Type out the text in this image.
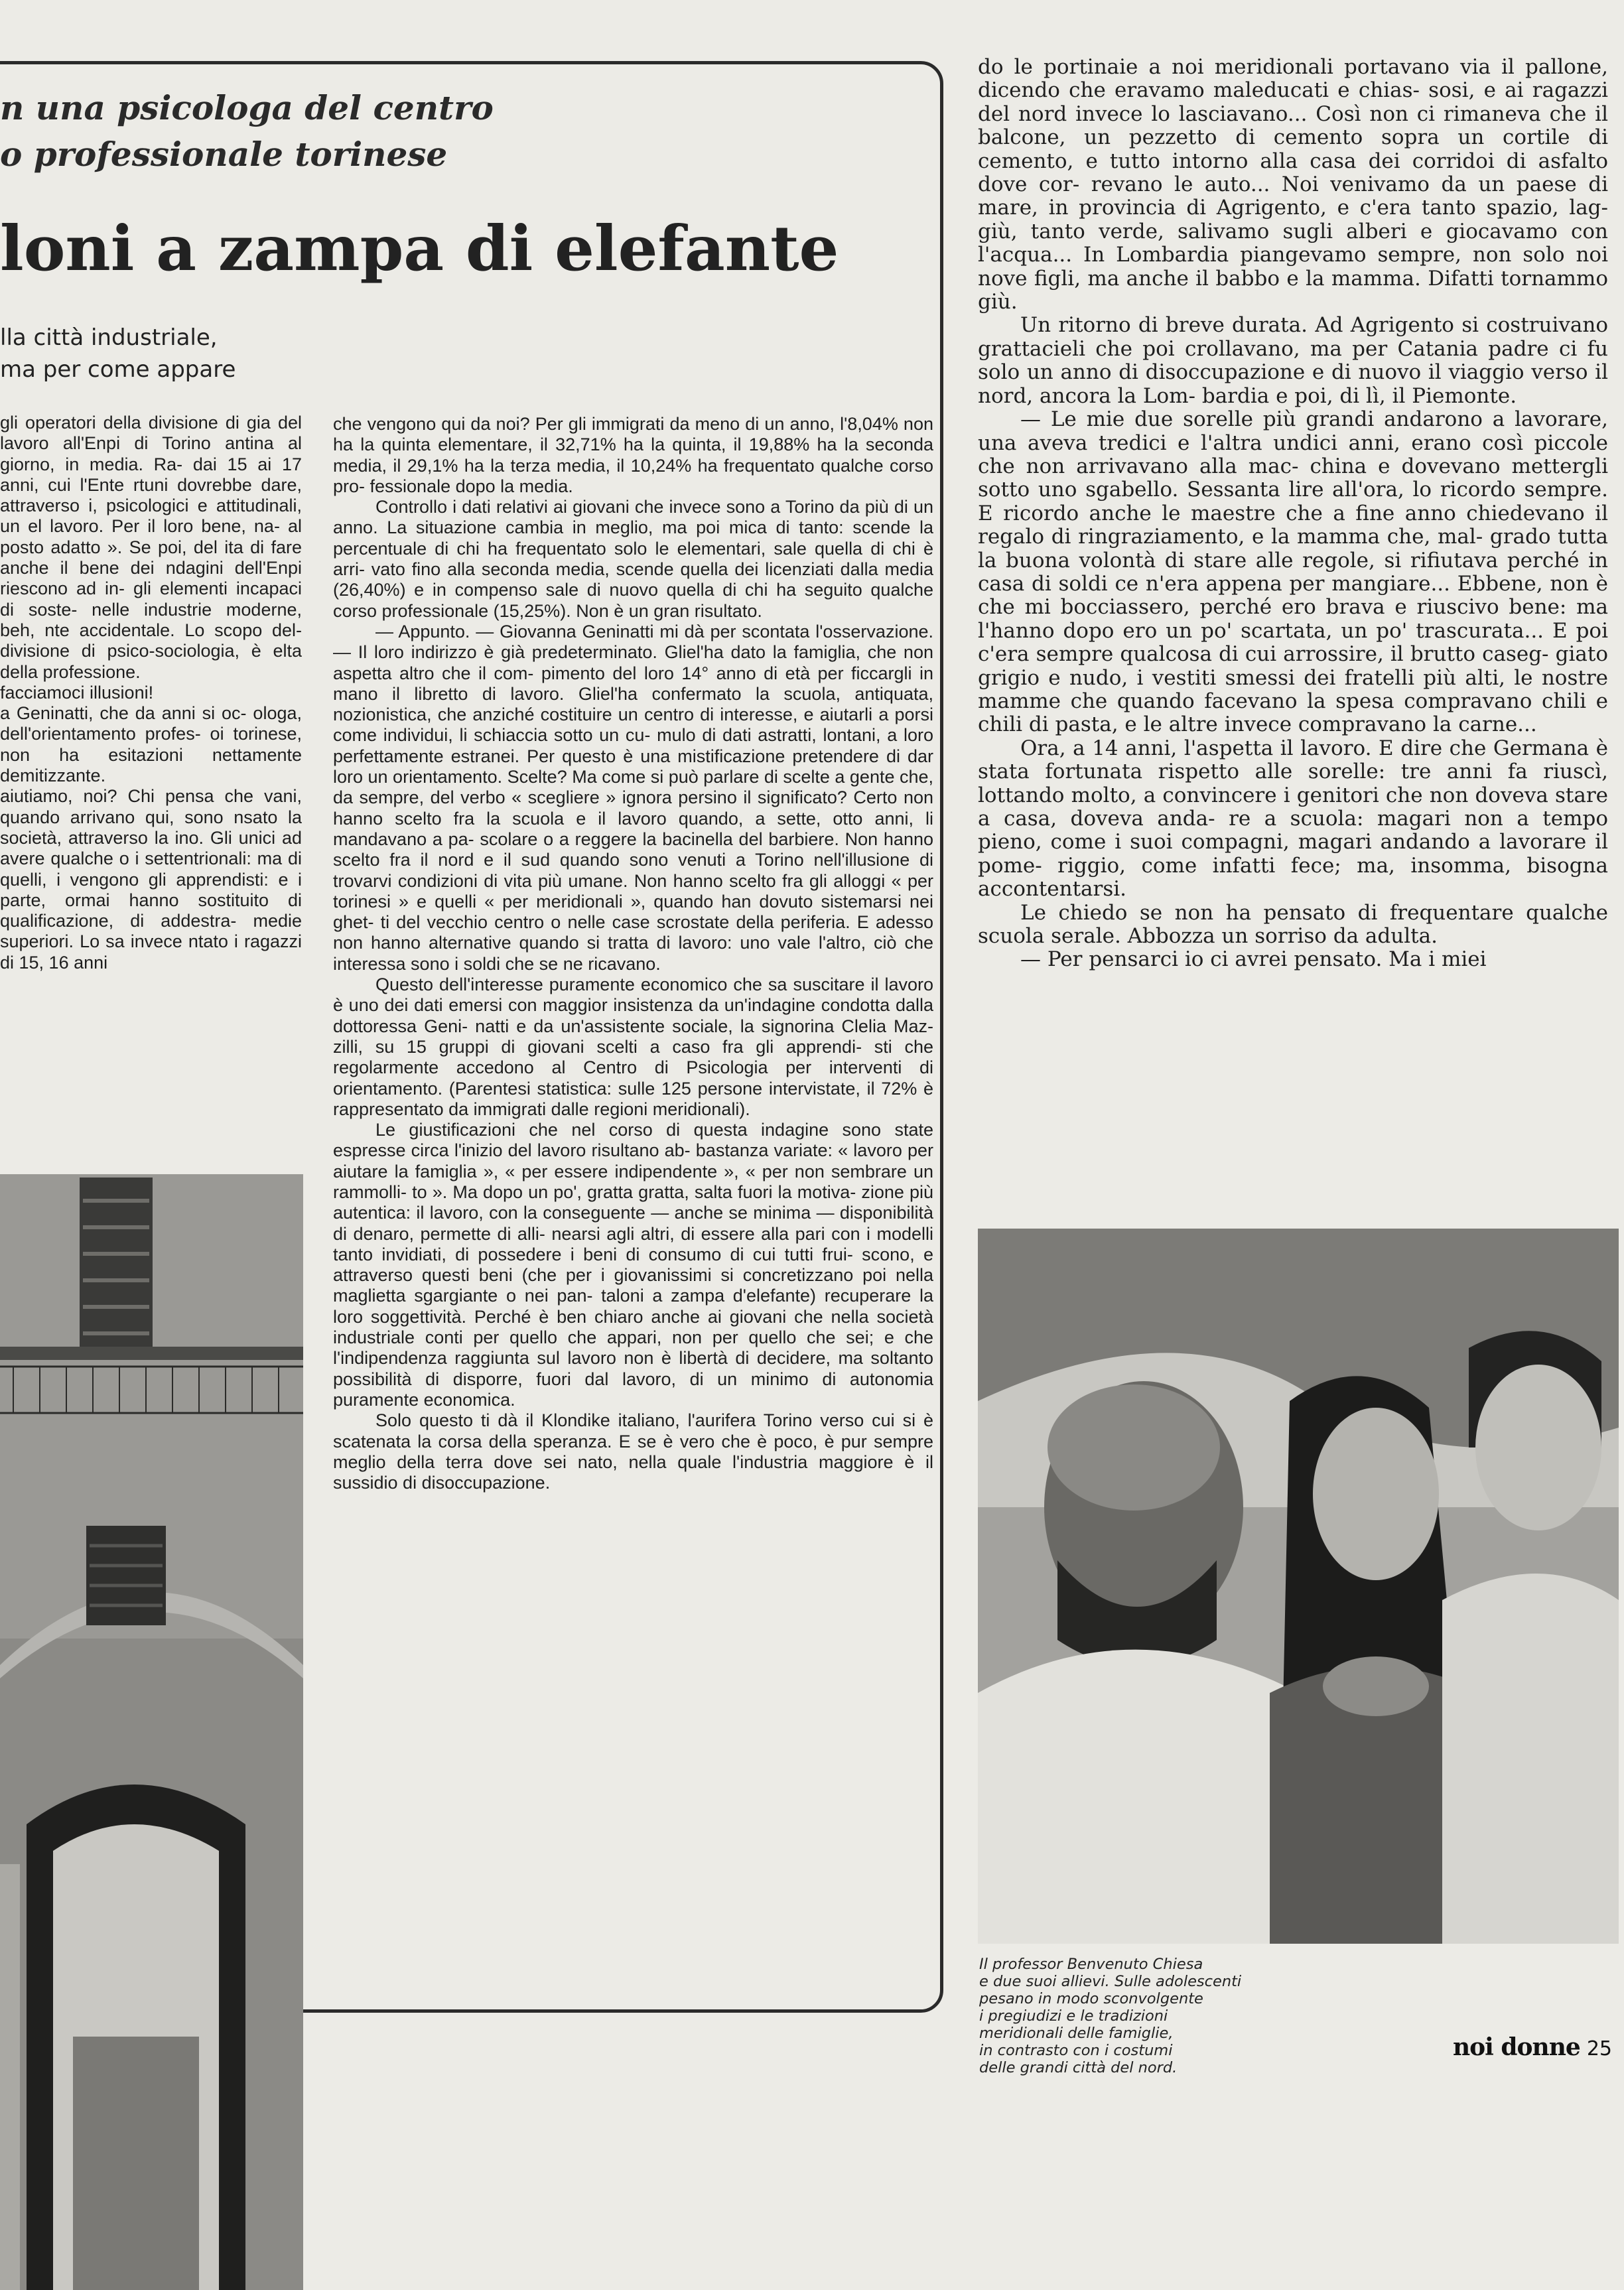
n una psicologa del centro
o professionale torinese
loni a zampa di elefante
lla città industriale,
ma per come appare

gli operatori della divisione di gia del lavoro all'Enpi di Torino antina al giorno, in media. Ra- dai 15 ai 17 anni, cui l'Ente rtuni dovrebbe dare, attraverso i, psicologici e attitudinali, un el lavoro. Per il loro bene, na- al posto adatto ». Se poi, del ita di fare anche il bene dei ndagini dell'Enpi riescono ad in- gli elementi incapaci di soste- nelle industrie moderne, beh, nte accidentale. Lo scopo del- divisione di psico-sociologia, è elta della professione.

facciamoci illusioni!

a Geninatti, che da anni si oc- ologa, dell'orientamento profes- oi torinese, non ha esitazioni nettamente demitizzante.

aiutiamo, noi? Chi pensa che vani, quando arrivano qui, sono nsato la società, attraverso la ino. Gli unici ad avere qualche o i settentrionali: ma di quelli, i vengono gli apprendisti: e i parte, ormai hanno sostituito di qualificazione, di addestra- medie superiori. Lo sa invece ntato i ragazzi di 15, 16 anni

che vengono qui da noi? Per gli immigrati da meno di un anno, l'8,04% non ha la quinta elementare, il 32,71% ha la quinta, il 19,88% ha la seconda media, il 29,1% ha la terza media, il 10,24% ha frequentato qualche corso pro- fessionale dopo la media.

Controllo i dati relativi ai giovani che invece sono a Torino da più di un anno. La situazione cambia in meglio, ma poi mica di tanto: scende la percentuale di chi ha frequentato solo le elementari, sale quella di chi è arri- vato fino alla seconda media, scende quella dei licenziati dalla media (26,40%) e in compenso sale di nuovo quella di chi ha seguito qualche corso professionale (15,25%). Non è un gran risultato.

— Appunto. — Giovanna Geninatti mi dà per scontata l'osservazione. — Il loro indirizzo è già predeterminato. Gliel'ha dato la famiglia, che non aspetta altro che il com- pimento del loro 14° anno di età per ficcargli in mano il libretto di lavoro. Gliel'ha confermato la scuola, antiquata, nozionistica, che anziché costituire un centro di interesse, e aiutarli a porsi come individui, li schiaccia sotto un cu- mulo di dati astratti, lontani, a loro perfettamente estranei. Per questo è una mistificazione pretendere di dar loro un orientamento. Scelte? Ma come si può parlare di scelte a gente che, da sempre, del verbo « scegliere » ignora persino il significato? Certo non hanno scelto fra la scuola e il lavoro quando, a sette, otto anni, li mandavano a pa- scolare o a reggere la bacinella del barbiere. Non hanno scelto fra il nord e il sud quando sono venuti a Torino nell'illusione di trovarvi condizioni di vita più umane. Non hanno scelto fra gli alloggi « per torinesi » e quelli « per meridionali », quando han dovuto sistemarsi nei ghet- ti del vecchio centro o nelle case scrostate della periferia. E adesso non hanno alternative quando si tratta di lavoro: uno vale l'altro, ciò che interessa sono i soldi che se ne ricavano.

Questo dell'interesse puramente economico che sa suscitare il lavoro è uno dei dati emersi con maggior insistenza da un'indagine condotta dalla dottoressa Geni- natti e da un'assistente sociale, la signorina Clelia Maz- zilli, su 15 gruppi di giovani scelti a caso fra gli apprendi- sti che regolarmente accedono al Centro di Psicologia per interventi di orientamento. (Parentesi statistica: sulle 125 persone intervistate, il 72% è rappresentato da immigrati dalle regioni meridionali).

Le giustificazioni che nel corso di questa indagine sono state espresse circa l'inizio del lavoro risultano ab- bastanza variate: « lavoro per aiutare la famiglia », « per essere indipendente », « per non sembrare un rammolli- to ». Ma dopo un po', gratta gratta, salta fuori la motiva- zione più autentica: il lavoro, con la conseguente — anche se minima — disponibilità di denaro, permette di alli- nearsi agli altri, di essere alla pari con i modelli tanto invidiati, di possedere i beni di consumo di cui tutti frui- scono, e attraverso questi beni (che per i giovanissimi si concretizzano poi nella maglietta sgargiante o nei pan- taloni a zampa d'elefante) recuperare la loro soggettività. Perché è ben chiaro anche ai giovani che nella società industriale conti per quello che appari, non per quello che sei; e che l'indipendenza raggiunta sul lavoro non è libertà di decidere, ma soltanto possibilità di disporre, fuori dal lavoro, di un minimo di autonomia puramente economica.

Solo questo ti dà il Klondike italiano, l'aurifera Torino verso cui si è scatenata la corsa della speranza. E se è vero che è poco, è pur sempre meglio della terra dove sei nato, nella quale l'industria maggiore è il sussidio di disoccupazione.

do le portinaie a noi meridionali portavano via il pallone, dicendo che eravamo maleducati e chias- sosi, e ai ragazzi del nord invece lo lasciavano... Così non ci rimaneva che il balcone, un pezzetto di cemento sopra un cortile di cemento, e tutto intorno alla casa dei corridoi di asfalto dove cor- revano le auto... Noi venivamo da un paese di mare, in provincia di Agrigento, e c'era tanto spazio, lag- giù, tanto verde, salivamo sugli alberi e giocavamo con l'acqua... In Lombardia piangevamo sempre, non solo noi nove figli, ma anche il babbo e la mamma. Difatti tornammo giù.

Un ritorno di breve durata. Ad Agrigento si costruivano grattacieli che poi crollavano, ma per Catania padre ci fu solo un anno di disoccupazione e di nuovo il viaggio verso il nord, ancora la Lom- bardia e poi, di lì, il Piemonte.

— Le mie due sorelle più grandi andarono a lavorare, una aveva tredici e l'altra undici anni, erano così piccole che non arrivavano alla mac- china e dovevano mettergli sotto uno sgabello. Sessanta lire all'ora, lo ricordo sempre. E ricordo anche le maestre che a fine anno chiedevano il regalo di ringraziamento, e la mamma che, mal- grado tutta la buona volontà di stare alle regole, si rifiutava perché in casa di soldi ce n'era appena per mangiare... Ebbene, non è che mi bocciassero, perché ero brava e riuscivo bene: ma l'hanno dopo ero un po' scartata, un po' trascurata... E poi c'era sempre qualcosa di cui arrossire, il brutto caseg- giato grigio e nudo, i vestiti smessi dei fratelli più alti, le nostre mamme che quando facevano la spesa compravano chili e chili di pasta, e le altre invece compravano la carne...

Ora, a 14 anni, l'aspetta il lavoro. E dire che Germana è stata fortunata rispetto alle sorelle: tre anni fa riuscì, lottando molto, a convincere i genitori che non doveva stare a casa, doveva anda- re a scuola: magari non a tempo pieno, come i suoi compagni, magari andando a lavorare il pome- riggio, come infatti fece; ma, insomma, bisogna accontentarsi.

Le chiedo se non ha pensato di frequentare qualche scuola serale. Abbozza un sorriso da adulta.

— Per pensarci io ci avrei pensato. Ma i miei

Il professor Benvenuto Chiesa

e due suoi allievi. Sulle adolescenti

pesano in modo sconvolgente

i pregiudizi e le tradizioni

meridionali delle famiglie,

in contrasto con i costumi

delle grandi città del nord.

noi donne 25
